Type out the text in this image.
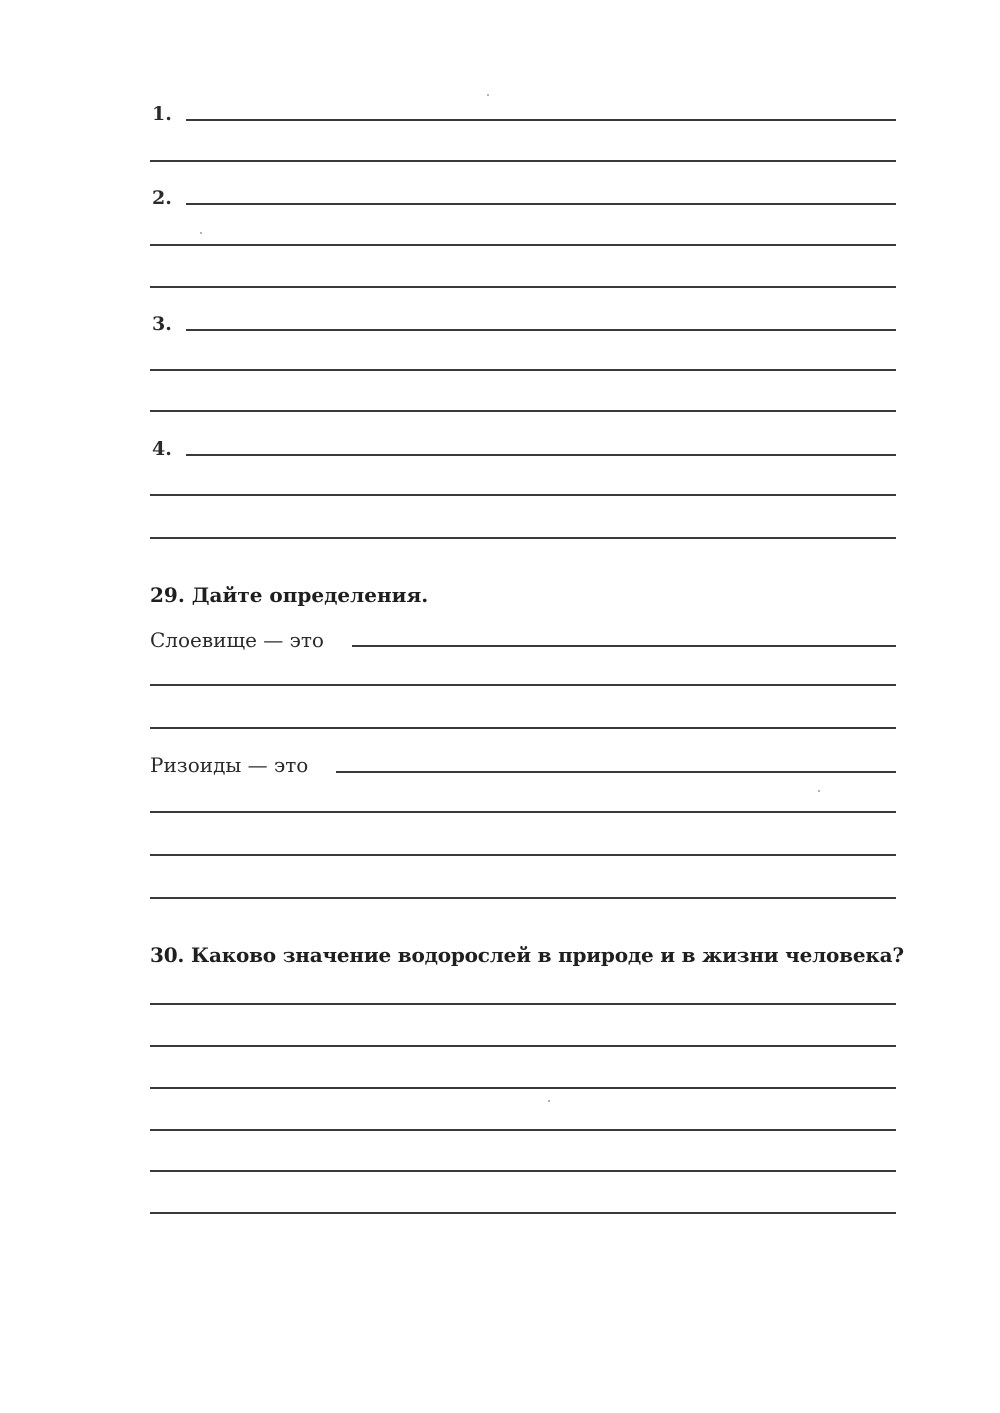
1.
2.
3.
4.
29. Дайте определения.
Слоевище — это
Ризоиды — это
30. Каково значение водорослей в природе и в жизни человека?
